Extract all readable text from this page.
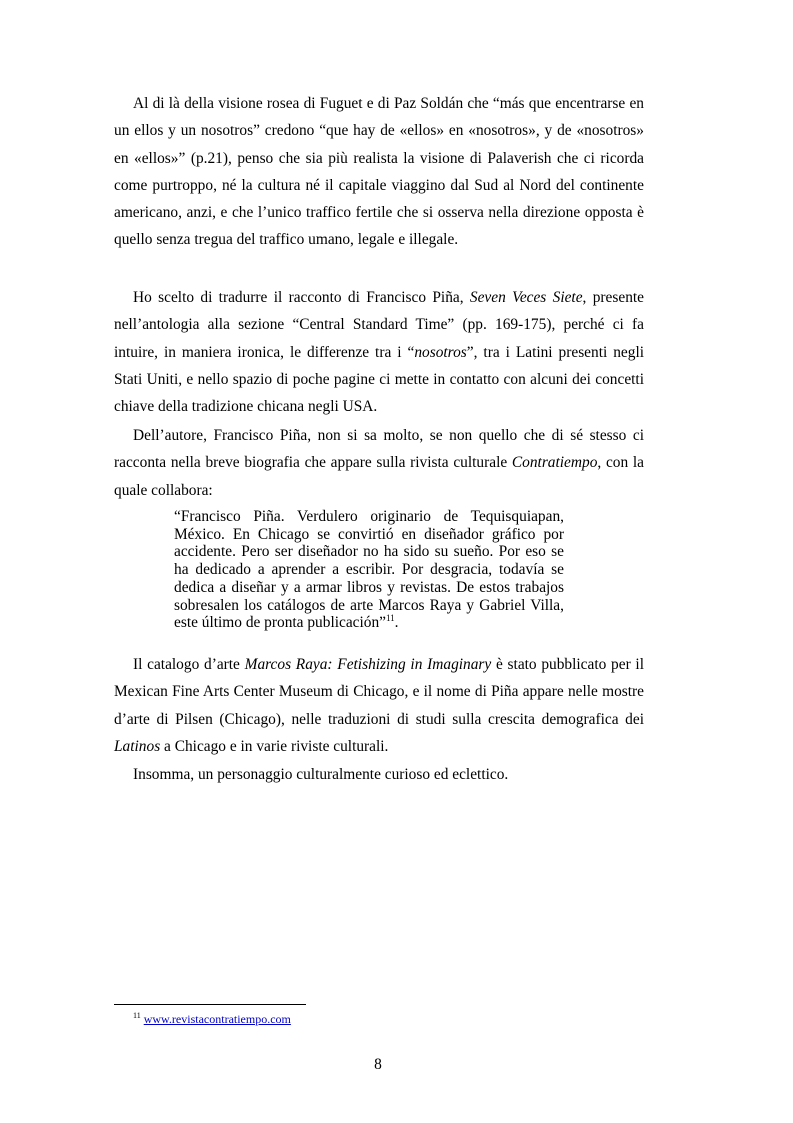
Al di là della visione rosea di Fuguet e di Paz Soldán che “más que encentrarse en un ellos y un nosotros” credono “que hay de «ellos» en «nosotros», y de «nosotros» en «ellos»” (p.21), penso che sia più realista la visione di Palaverish che ci ricorda come purtroppo, né la cultura né il capitale viaggino dal Sud al Nord del continente americano, anzi, e che l’unico traffico fertile che si osserva nella direzione opposta è quello senza tregua del traffico umano, legale e illegale.

Ho scelto di tradurre il racconto di Francisco Piña, Seven Veces Siete, presente nell’antologia alla sezione “Central Standard Time” (pp. 169-175), perché ci fa intuire, in maniera ironica, le differenze tra i “nosotros”, tra i Latini presenti negli Stati Uniti, e nello spazio di poche pagine ci mette in contatto con alcuni dei concetti chiave della tradizione chicana negli USA.

Dell’autore, Francisco Piña, non si sa molto, se non quello che di sé stesso ci racconta nella breve biografia che appare sulla rivista culturale Contratiempo, con la quale collabora:

“Francisco Piña. Verdulero originario de Tequisquiapan, México. En Chicago se convirtió en diseñador gráfico por accidente. Pero ser diseñador no ha sido su sueño. Por eso se ha dedicado a aprender a escribir. Por desgracia, todavía se dedica a diseñar y a armar libros y revistas. De estos trabajos sobresalen los catálogos de arte Marcos Raya y Gabriel Villa, este último de pronta publicación”$^{11}$.

Il catalogo d’arte Marcos Raya: Fetishizing in Imaginary è stato pubblicato per il Mexican Fine Arts Center Museum di Chicago, e il nome di Piña appare nelle mostre d’arte di Pilsen (Chicago), nelle traduzioni di studi sulla crescita demografica dei Latinos a Chicago e in varie riviste culturali.

Insomma, un personaggio culturalmente curioso ed eclettico.

$^{11}$ www.revistacontratiempo.com

8
